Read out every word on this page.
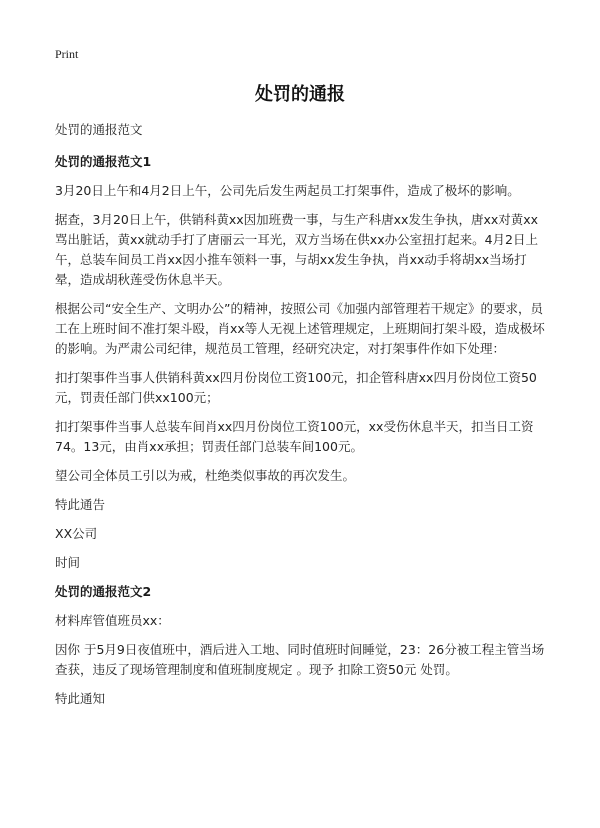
Print
处罚的通报
处罚的通报范文
处罚的通报范文1
3月20日上午和4月2日上午，公司先后发生两起员工打架事件，造成了极坏的影响。
据查，3月20日上午，供销科黄xx因加班费一事，与生产科唐xx发生争执，唐xx对黄xx骂出脏话，黄xx就动手打了唐丽云一耳光，双方当场在供xx办公室扭打起来。4月2日上午，总装车间员工肖xx因小推车领料一事，与胡xx发生争执，肖xx动手将胡xx当场打晕，造成胡秋莲受伤休息半天。
根据公司“安全生产、文明办公”的精神，按照公司《加强内部管理若干规定》的要求，员工在上班时间不准打架斗殴，肖xx等人无视上述管理规定，上班期间打架斗殴，造成极坏的影响。为严肃公司纪律，规范员工管理，经研究决定，对打架事件作如下处理：
扣打架事件当事人供销科黄xx四月份岗位工资100元，扣企管科唐xx四月份岗位工资50元，罚责任部门供xx100元；
扣打架事件当事人总装车间肖xx四月份岗位工资100元，xx受伤休息半天，扣当日工资74。13元，由肖xx承担；罚责任部门总装车间100元。
望公司全体员工引以为戒，杜绝类似事故的再次发生。
特此通告
XX公司
时间
处罚的通报范文2
材料库管值班员xx：
因你 于5月9日夜值班中，酒后进入工地、同时值班时间睡觉，23：26分被工程主管当场查获，违反了现场管理制度和值班制度规定 。现予 扣除工资50元 处罚。
特此通知
